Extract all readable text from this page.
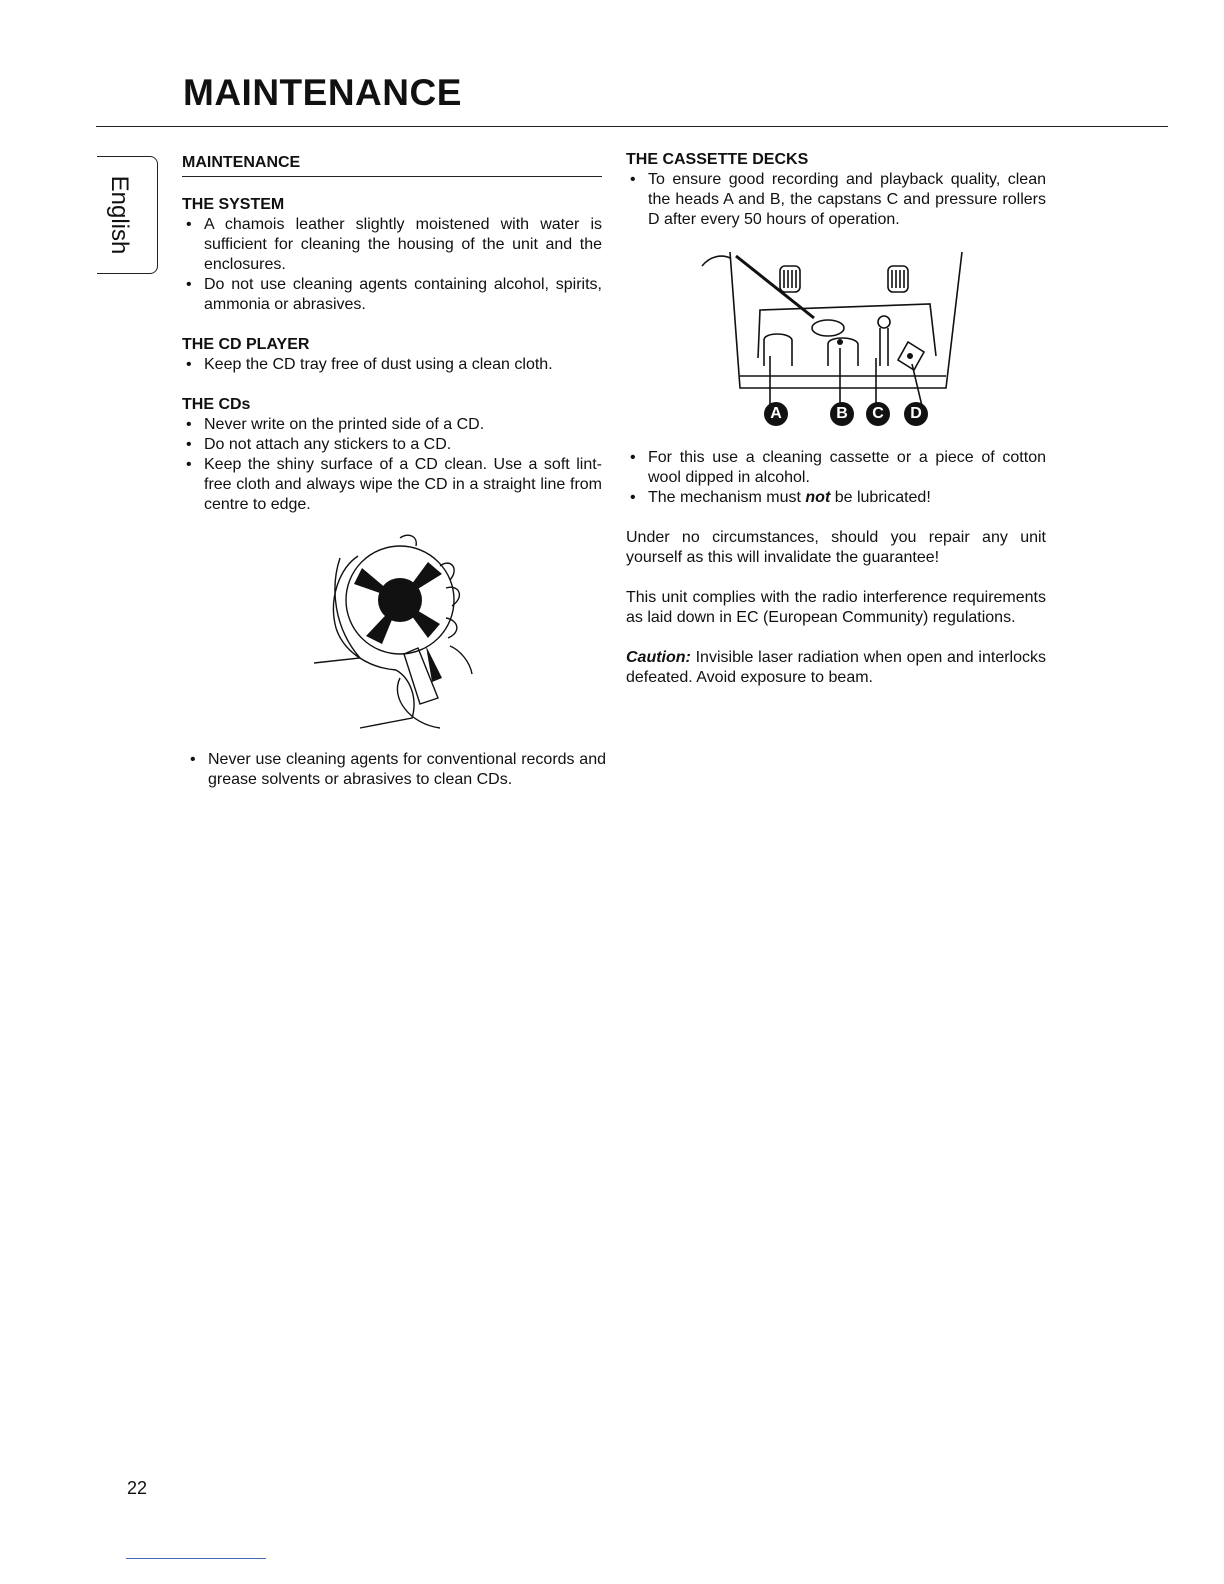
MAINTENANCE
English
MAINTENANCE
THE SYSTEM
• A chamois leather slightly moistened with water is sufficient for cleaning the housing of the unit and the enclosures.
• Do not use cleaning agents containing alcohol, spirits, ammonia or abrasives.
THE CD PLAYER
• Keep the CD tray free of dust using a clean cloth.
THE CDs
• Never write on the printed side of a CD.
• Do not attach any stickers to a CD.
• Keep the shiny surface of a CD clean. Use a soft lint-free cloth and always wipe the CD in a straight line from centre to edge.
• Never use cleaning agents for conventional records and grease solvents or abrasives to clean CDs.
THE CASSETTE DECKS
• To ensure good recording and playback quality, clean the heads A and B, the capstans C and pressure rollers D after every 50 hours of operation.
• For this use a cleaning cassette or a piece of cotton wool dipped in alcohol.
• The mechanism must not be lubricated!

Under no circumstances, should you repair any unit yourself as this will invalidate the guarantee!

This unit complies with the radio interference requirements as laid down in EC (European Community) regulations.

Caution: Invisible laser radiation when open and interlocks defeated. Avoid exposure to beam.

A	B	C	D
22
